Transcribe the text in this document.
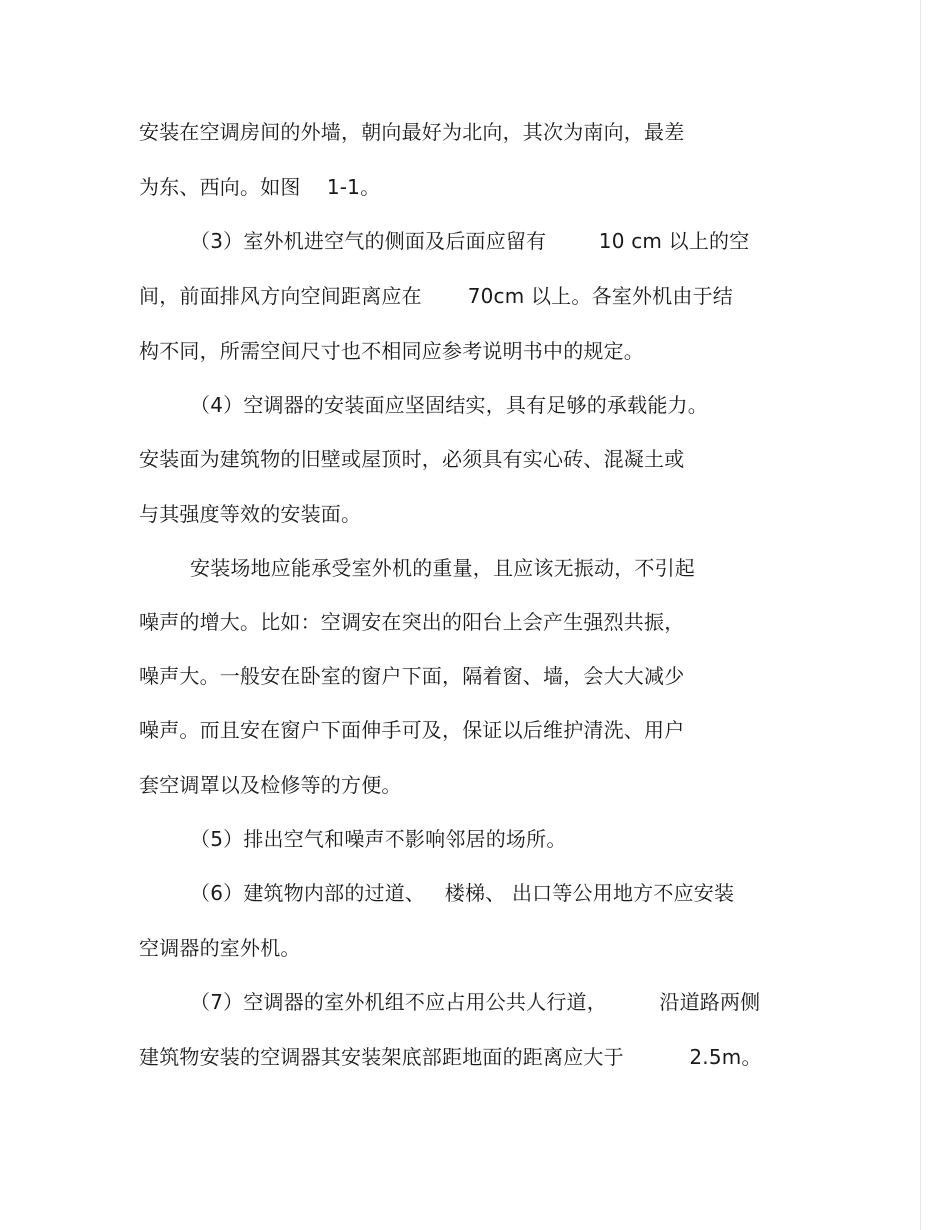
安装在空调房间的外墙，朝向最好为北向，其次为南向，最差
为东、西向。如图    1-1。
（3）室外机进空气的侧面及后面应留有        10 cm 以上的空
间，前面排风方向空间距离应在       70cm 以上。各室外机由于结
构不同，所需空间尺寸也不相同应参考说明书中的规定。
（4）空调器的安装面应坚固结实，具有足够的承载能力。
安装面为建筑物的旧壁或屋顶时，必须具有实心砖、混凝土或
与其强度等效的安装面。
安装场地应能承受室外机的重量，且应该无振动，不引起
噪声的增大。比如：空调安在突出的阳台上会产生强烈共振，
噪声大。一般安在卧室的窗户下面，隔着窗、墙，会大大减少
噪声。而且安在窗户下面伸手可及，保证以后维护清洗、用户
套空调罩以及检修等的方便。
（5）排出空气和噪声不影响邻居的场所。
（6）建筑物内部的过道、   楼梯、 出口等公用地方不应安装
空调器的室外机。
（7）空调器的室外机组不应占用公共人行道，        沿道路两侧
建筑物安装的空调器其安装架底部距地面的距离应大于          2.5m。
